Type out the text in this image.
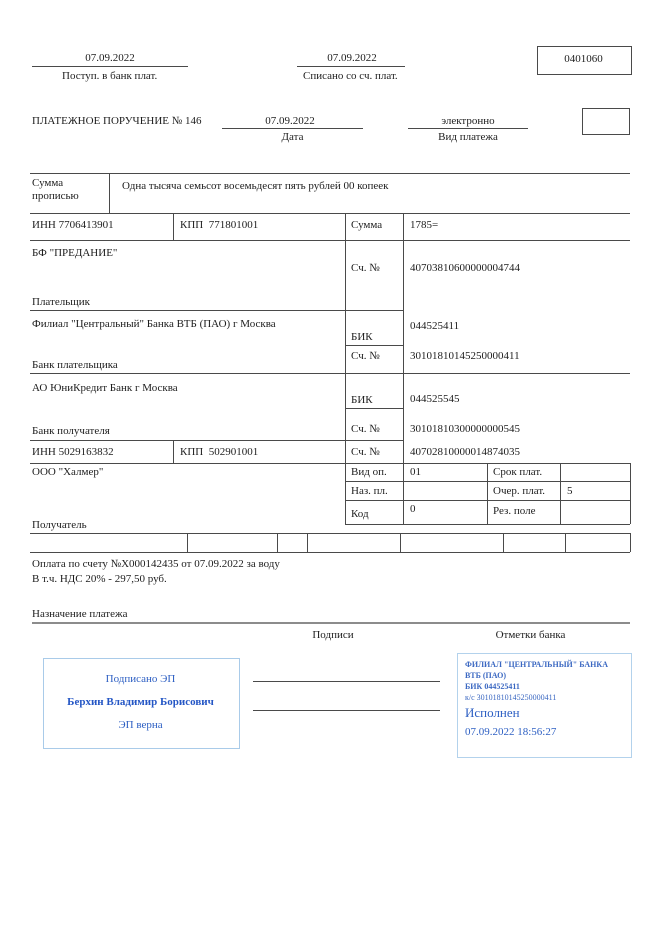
07.09.2022
Поступ. в банк плат.
07.09.2022
Списано со сч. плат.
0401060
ПЛАТЕЖНОЕ ПОРУЧЕНИЕ № 146	07.09.2022
Дата
электронно
Вид платежа
Сумма прописью
Одна тысяча семьсот восемьдесят пять рублей 00 копеек
ИНН 7706413901	КПП  771801001	Сумма	1785=
БФ "ПРЕДАНИЕ"
Сч. №	40703810600000004744
Плательщик
Филиал "Центральный" Банка ВТБ (ПАО) г Москва
БИК
044525411
Сч. №	30101810145250000411
Банк плательщика
АО ЮниКредит Банк г Москва
БИК	044525545
Сч. №	30101810300000000545
Банк получателя
ИНН 5029163832	КПП  502901001	Сч. №	40702810000014874035
ООО "Халмер"	Вид оп. 01	Срок плат.
Наз. пл.	Очер. плат. 5
Код	0	Рез. поле
Получатель
Оплата по счету №X000142435 от 07.09.2022 за воду
В т.ч. НДС 20% - 297,50 руб.
Назначение платежа
Подписи	Отметки банка
Подписано ЭП
Берхин Владимир Борисович
ЭП верна
ФИЛИАЛ "ЦЕНТРАЛЬНЫЙ" БАНКА
ВТБ (ПАО)
БИК 044525411
к/с 30101810145250000411
Исполнен
07.09.2022 18:56:27
